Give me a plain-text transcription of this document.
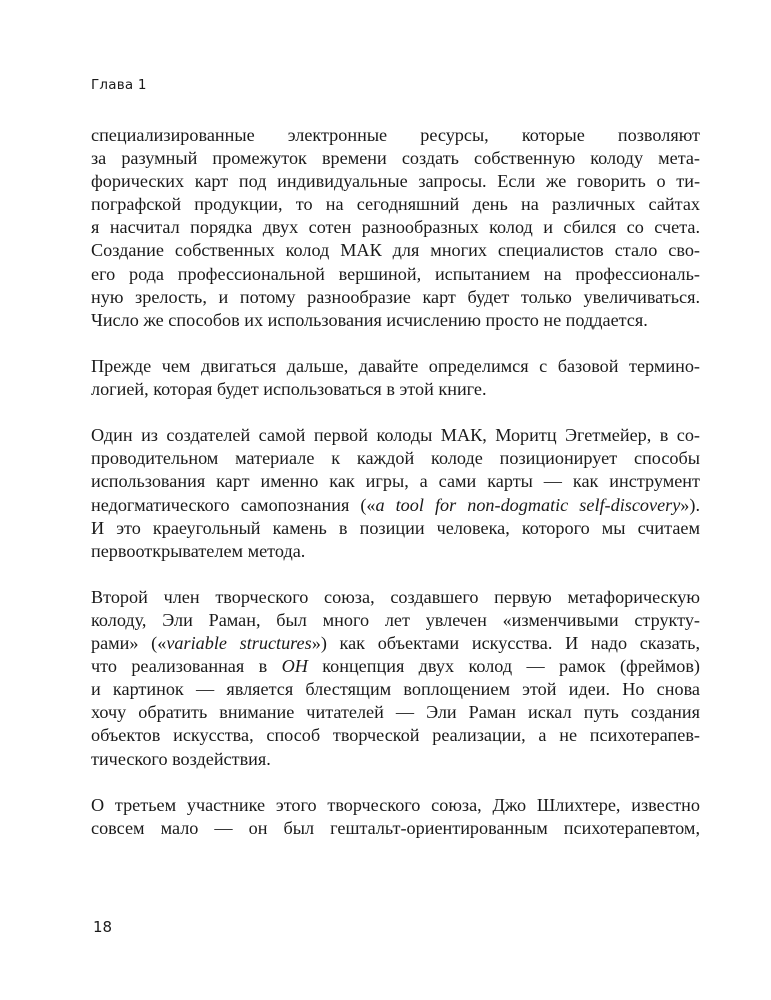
Глава 1

специализированные электронные ресурсы, которые позволяют
за разумный промежуток времени создать собственную колоду мета-
форических карт под индивидуальные запросы. Если же говорить о ти-
пографской продукции, то на сегодняшний день на различных сайтах
я насчитал порядка двух сотен разнообразных колод и сбился со счета.
Создание собственных колод МАК для многих специалистов стало сво-
его рода профессиональной вершиной, испытанием на профессиональ-
ную зрелость, и потому разнообразие карт будет только увеличиваться.
Число же способов их использования исчислению просто не поддается.

Прежде чем двигаться дальше, давайте определимся с базовой термино-
логией, которая будет использоваться в этой книге.

Один из создателей самой первой колоды МАК, Моритц Эгетмейер, в со-
проводительном материале к каждой колоде позиционирует способы
использования карт именно как игры, а сами карты — как инструмент
недогматического самопознания («a tool for non-dogmatic self-discovery»).
И это краеугольный камень в позиции человека, которого мы считаем
первооткрывателем метода.

Второй член творческого союза, создавшего первую метафорическую
колоду, Эли Раман, был много лет увлечен «изменчивыми структу-
рами» («variable structures») как объектами искусства. И надо сказать,
что реализованная в OH концепция двух колод — рамок (фреймов)
и картинок — является блестящим воплощением этой идеи. Но снова
хочу обратить внимание читателей — Эли Раман искал путь создания
объектов искусства, способ творческой реализации, а не психотерапев-
тического воздействия.

О третьем участнике этого творческого союза, Джо Шлихтере, известно
совсем мало — он был гештальт-ориентированным психотерапевтом,

18
